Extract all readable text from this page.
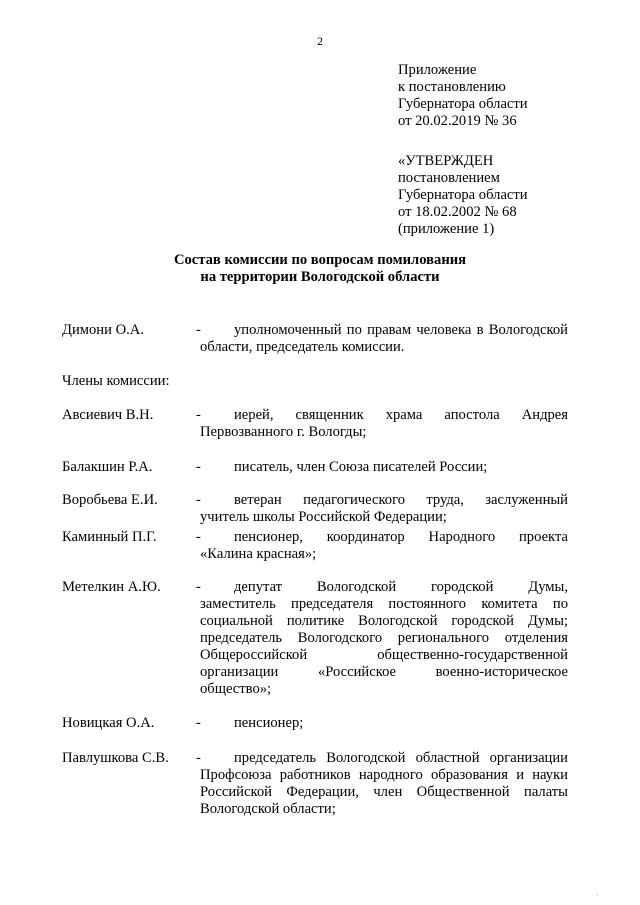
2
Приложение
к постановлению
Губернатора области
от 20.02.2019 № 36
«УТВЕРЖДЕН
постановлением
Губернатора области
от 18.02.2002 № 68
(приложение 1)
Состав комиссии по вопросам помилования
на территории Вологодской области
Димони О.А.	-	уполномоченный по правам человека в Вологодской
области, председатель комиссии.
Члены комиссии:
Авсиевич В.Н.	-	иерей, священник храма апостола Андрея
Первозванного г. Вологды;
Балакшин Р.А.	-	писатель, член Союза писателей России;
Воробьева Е.И.	-	ветеран педагогического труда, заслуженный
учитель школы Российской Федерации;
Каминный П.Г.	-	пенсионер, координатор Народного проекта
«Калина красная»;
Метелкин А.Ю. -	депутат Вологодской городской Думы,
заместитель председателя постоянного комитета по
социальной политике Вологодской городской Думы;
председатель Вологодского регионального отделения
Общероссийской общественно-государственной
организации «Российское военно-историческое
общество»;
Новицкая О.А.	-	пенсионер;
Павлушкова С.В. -	председатель Вологодской областной организации
Профсоюза работников народного образования и науки
Российской Федерации, член Общественной палаты
Вологодской области;
·
